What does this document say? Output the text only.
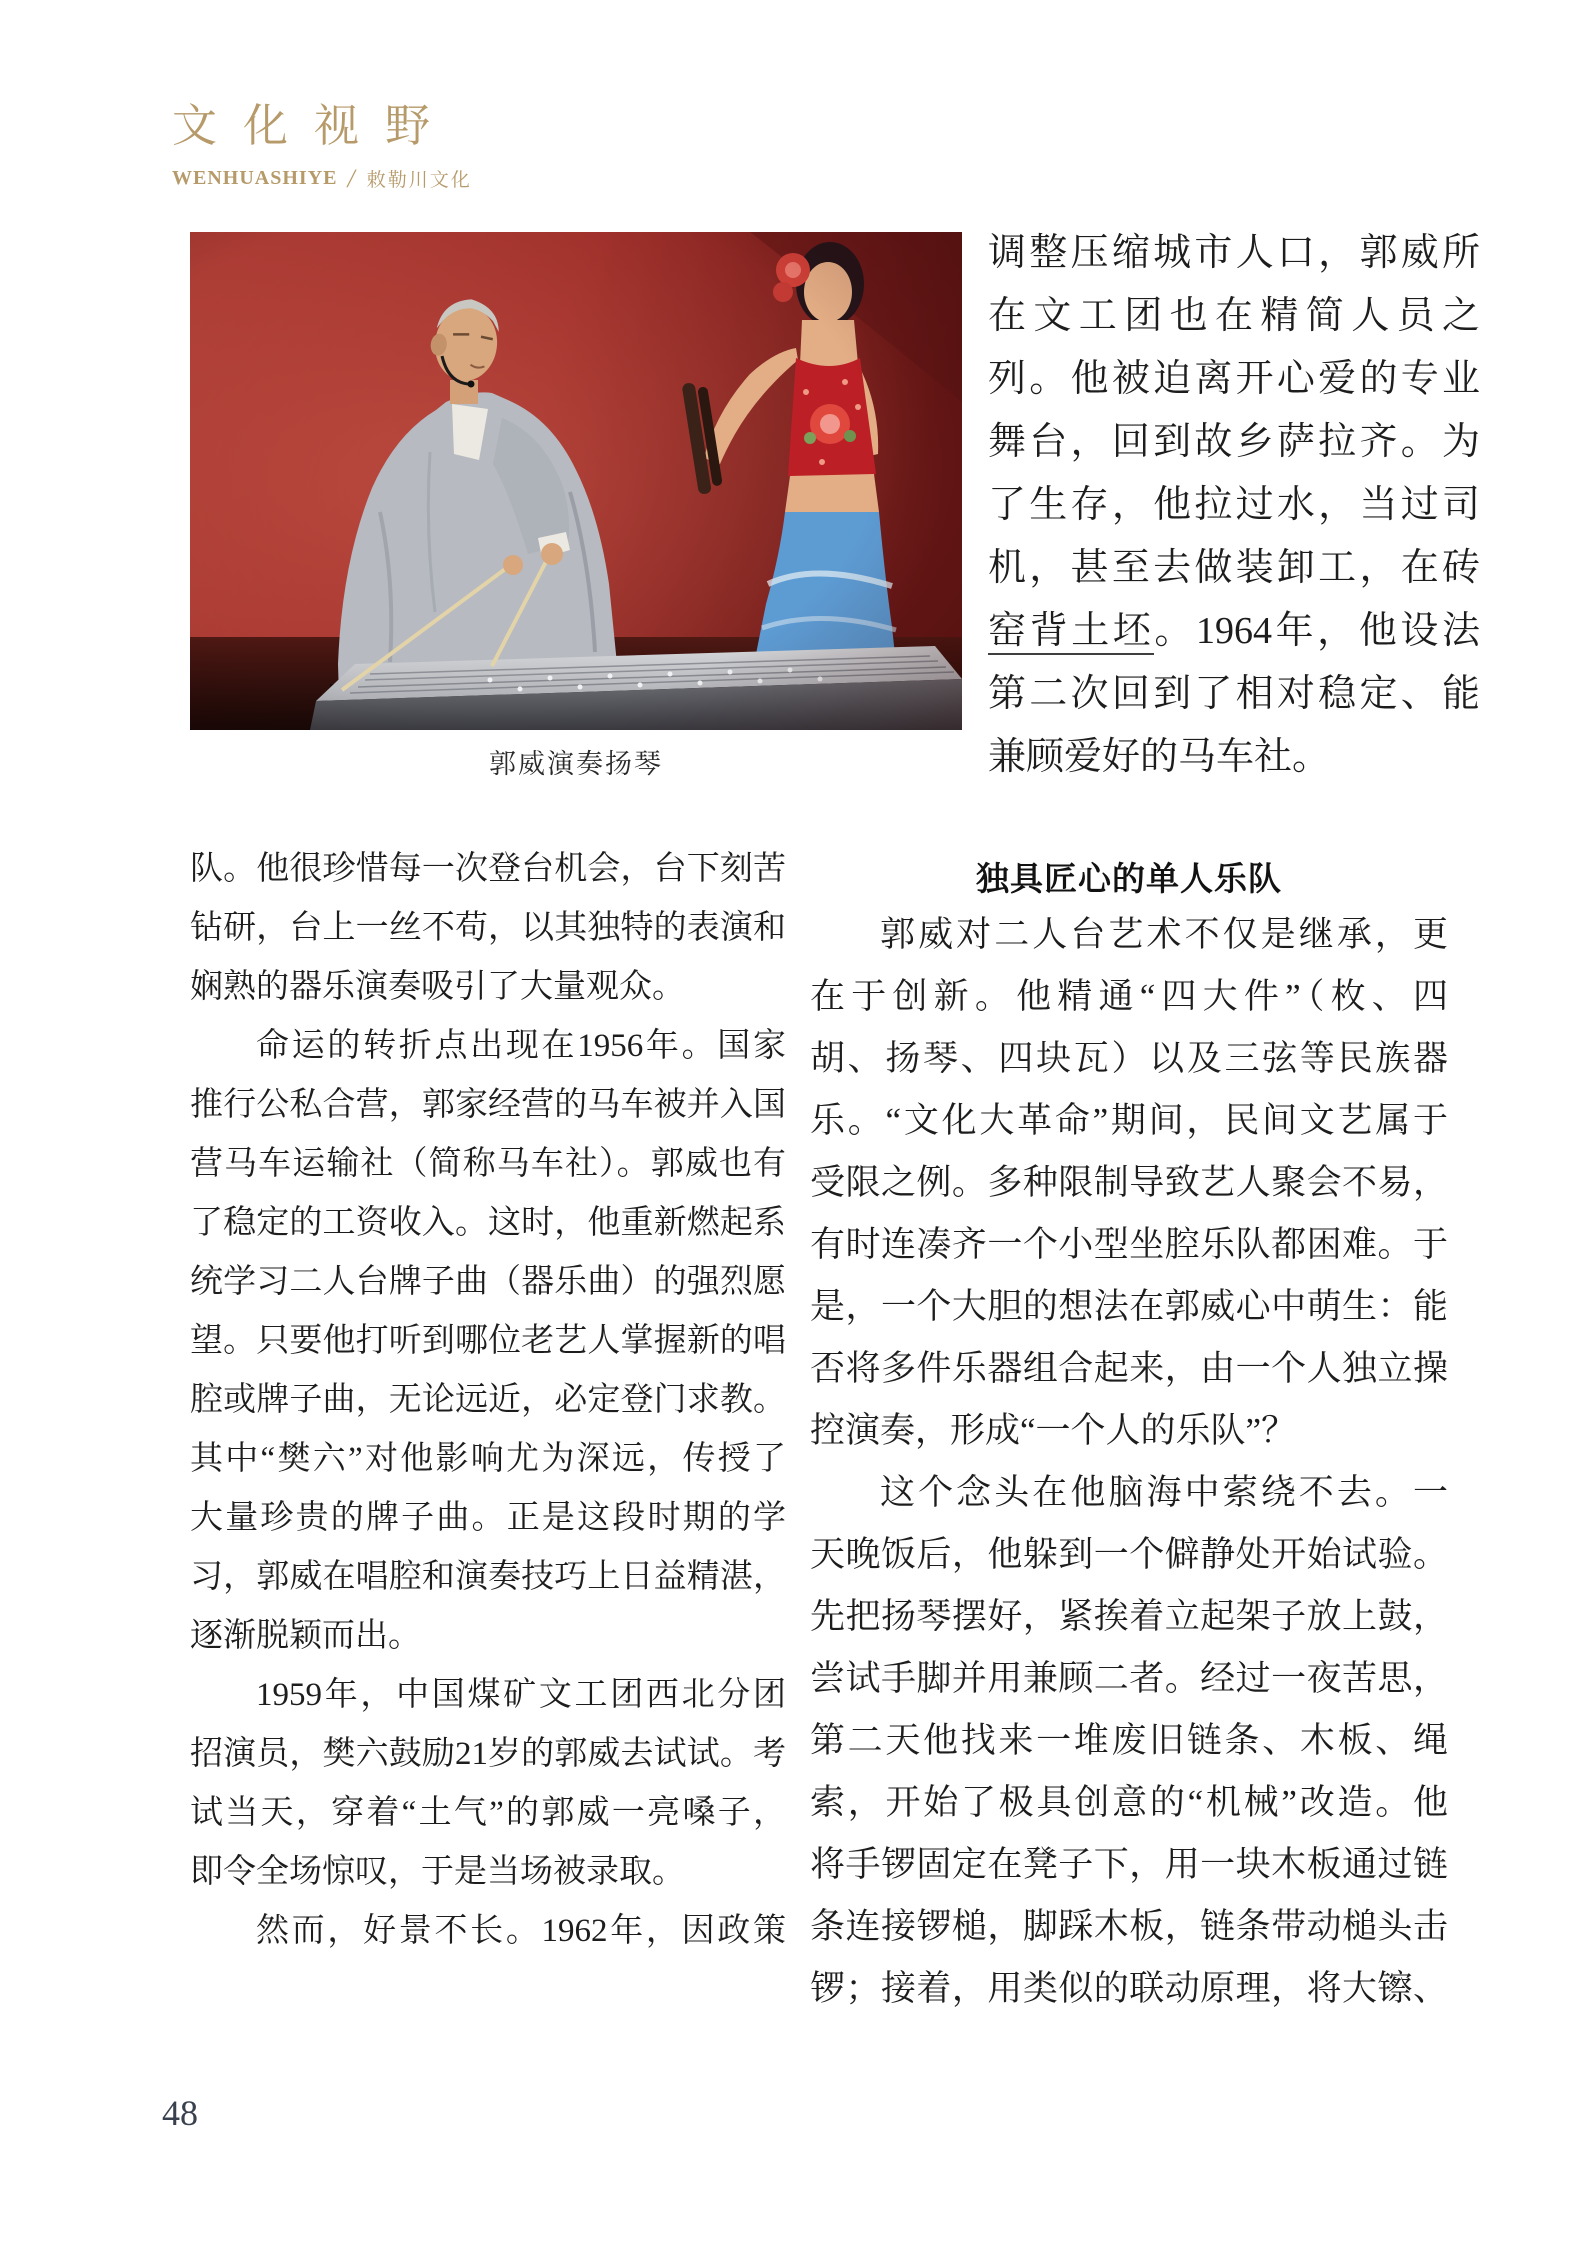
文化视野
WENHUASHIYE / 敕勒川文化
郭威演奏扬琴

调整压缩城市人口，郭威所

在文工团也在精简人员之

列。他被迫离开心爱的专业

舞台，回到故乡萨拉齐。为

了生存，他拉过水，当过司

机，甚至去做装卸工，在砖

窑背土坯。1964年，他设法

第二次回到了相对稳定、能

兼顾爱好的马车社。

队。他很珍惜每一次登台机会，台下刻苦

钻研，台上一丝不苟，以其独特的表演和

娴熟的器乐演奏吸引了大量观众。

命运的转折点出现在1956年。国家

推行公私合营，郭家经营的马车被并入国

营马车运输社（简称马车社）。郭威也有

了稳定的工资收入。这时，他重新燃起系

统学习二人台牌子曲（器乐曲）的强烈愿

望。只要他打听到哪位老艺人掌握新的唱

腔或牌子曲，无论远近，必定登门求教。

其中“樊六”对他影响尤为深远，传授了

大量珍贵的牌子曲。正是这段时期的学

习，郭威在唱腔和演奏技巧上日益精湛，

逐渐脱颖而出。

1959年，中国煤矿文工团西北分团

招演员，樊六鼓励21岁的郭威去试试。考

试当天，穿着“土气”的郭威一亮嗓子，

即令全场惊叹，于是当场被录取。

然而，好景不长。1962年，因政策

独具匠心的单人乐队

郭威对二人台艺术不仅是继承，更

在于创新。他精通“四大件”（枚、四

胡、扬琴、四块瓦）以及三弦等民族器

乐。“文化大革命”期间，民间文艺属于

受限之例。多种限制导致艺人聚会不易，

有时连凑齐一个小型坐腔乐队都困难。于

是，一个大胆的想法在郭威心中萌生：能

否将多件乐器组合起来，由一个人独立操

控演奏，形成“一个人的乐队”？

这个念头在他脑海中萦绕不去。一

天晚饭后，他躲到一个僻静处开始试验。

先把扬琴摆好，紧挨着立起架子放上鼓，

尝试手脚并用兼顾二者。经过一夜苦思，

第二天他找来一堆废旧链条、木板、绳

索，开始了极具创意的“机械”改造。他

将手锣固定在凳子下，用一块木板通过链

条连接锣槌，脚踩木板，链条带动槌头击

锣；接着，用类似的联动原理，将大镲、

48
